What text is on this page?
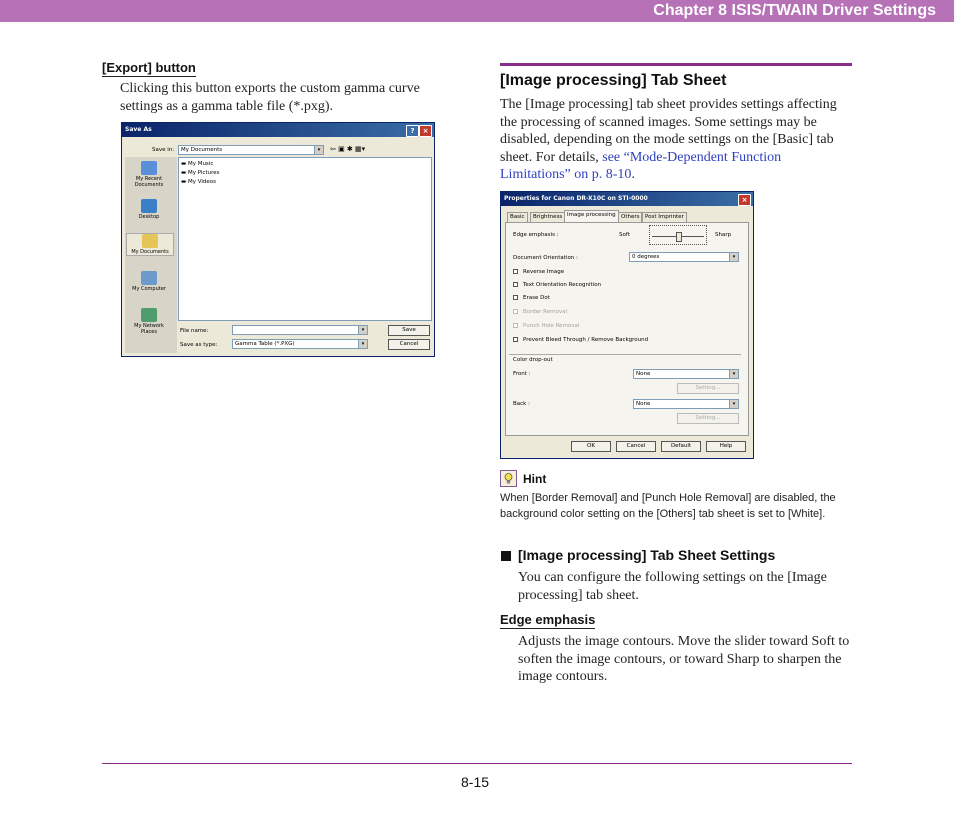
Chapter 8 ISIS/TWAIN Driver Settings
[Export] button
Clicking this button exports the custom gamma curve settings as a gamma table file (*.pxg).
Save As	?	×
Save in: My Documents	▾	⇦ ▣ ✱ ▦▾
My Recent Documents
Desktop
My Documents
My Computer
My Network Places
▬ My Music
▬ My Pictures
▬ My Videos
File name:	▾	Save
Save as type:	Gamma Table (*.PXG)	▾	Cancel
[Image processing] Tab Sheet
The [Image processing] tab sheet provides settings affecting the processing of scanned images. Some settings may be disabled, depending on the mode settings on the [Basic] tab sheet. For details, see “Mode-Dependent Function Limitations” on p. 8-10.
Properties for Canon DR-X10C on STI-0000	×
Basic	Brightness Image processing Others	Post Imprinter
Edge emphasis :	Soft	Sharp
Document Orientation :	0 degrees	▾
Reverse Image
Text Orientation Recognition
Erase Dot
Border Removal
Punch Hole Removal
Prevent Bleed Through / Remove Background
Color drop-out
Front :	None	▾
Setting...
Back :	None	▾
Setting...
OK	Cancel	Default	Help
Hint
When [Border Removal] and [Punch Hole Removal] are disabled, the background color setting on the [Others] tab sheet is set to [White].
[Image processing] Tab Sheet Settings
You can configure the following settings on the [Image processing] tab sheet.
Edge emphasis
Adjusts the image contours. Move the slider toward Soft to soften the image contours, or toward Sharp to sharpen the image contours.
8-15
